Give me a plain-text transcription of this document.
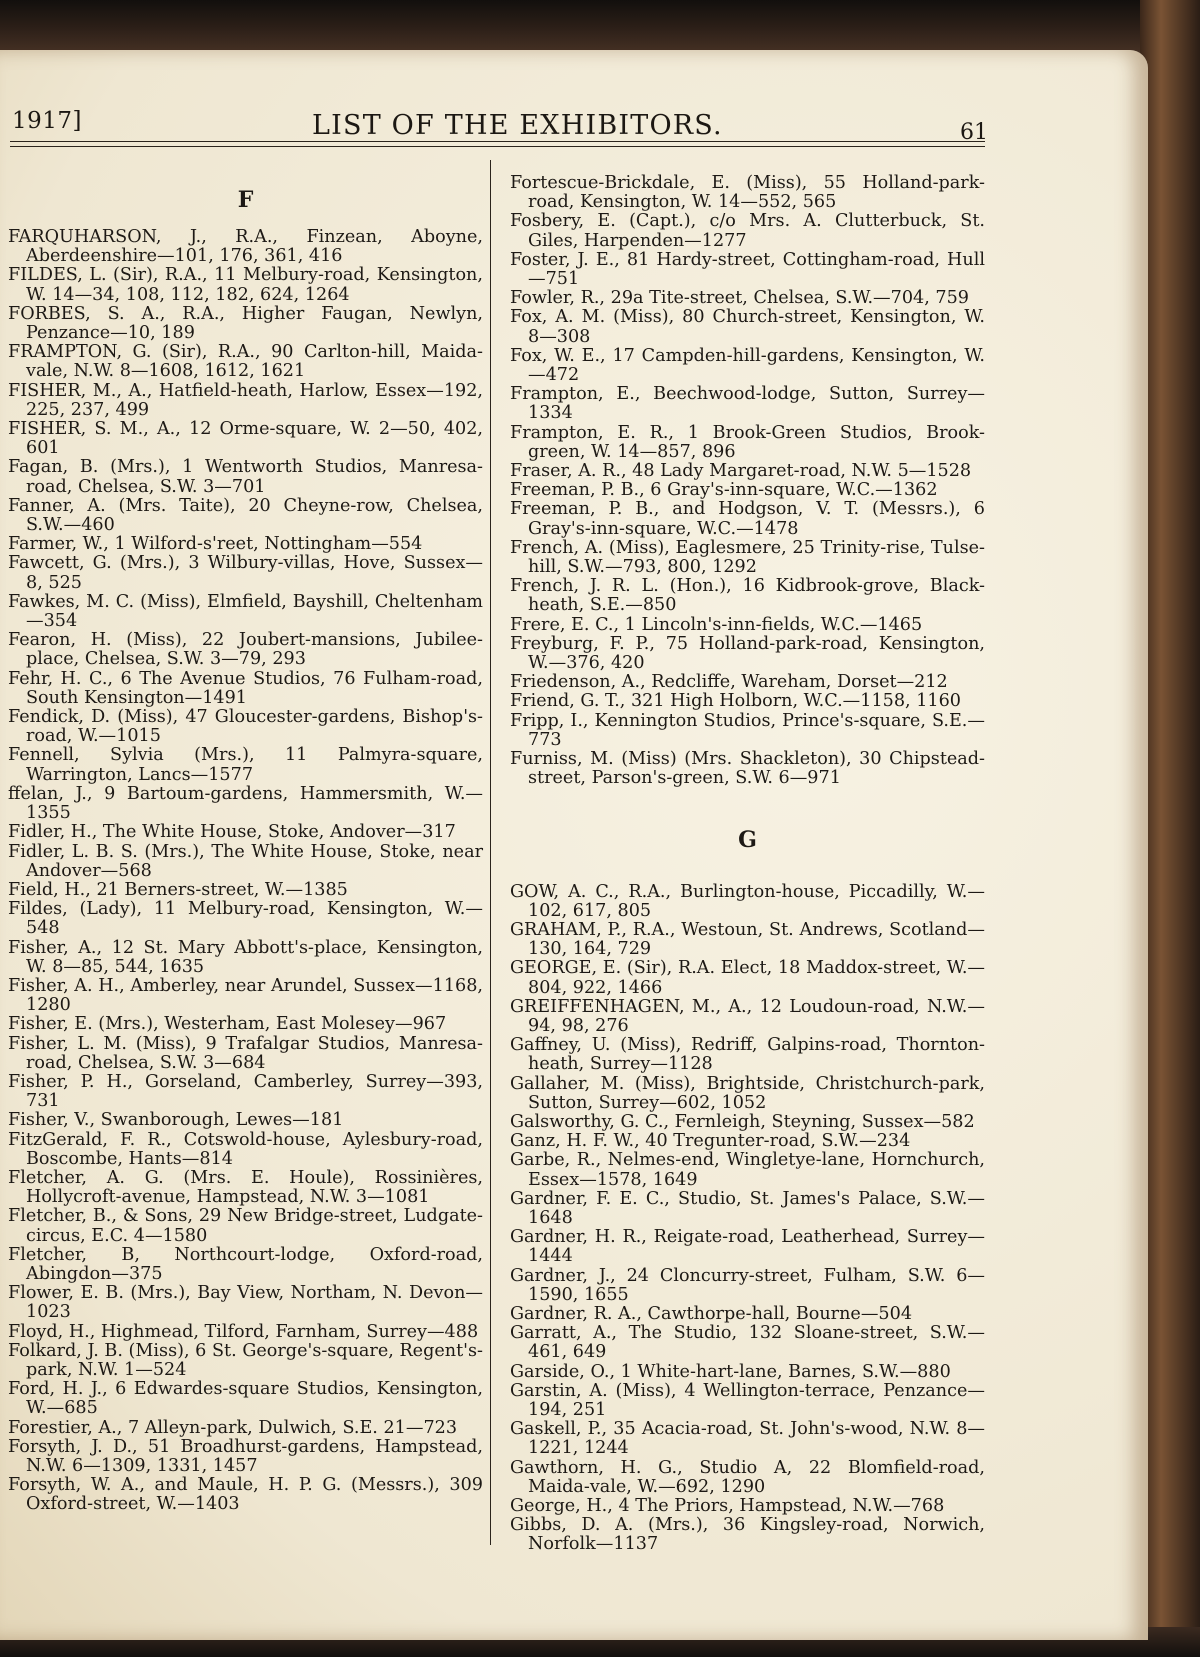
1917]	LIST OF THE EXHIBITORS.	61
F

FARQUHARSON, J., R.A., Finzean, Aboyne, Aberdeenshire—101, 176, 361, 416

FILDES, L. (Sir), R.A., 11 Melbury-road, Kensington, W. 14—34, 108, 112, 182, 624, 1264

FORBES, S. A., R.A., Higher Faugan, Newlyn, Penzance—10, 189

FRAMPTON, G. (Sir), R.A., 90 Carlton-hill, Maida-vale, N.W. 8—1608, 1612, 1621

FISHER, M., A., Hatfield-heath, Harlow, Essex—192, 225, 237, 499

FISHER, S. M., A., 12 Orme-square, W. 2—50, 402, 601

Fagan, B. (Mrs.), 1 Wentworth Studios, Manresa-road, Chelsea, S.W. 3—701

Fanner, A. (Mrs. Taite), 20 Cheyne-row, Chelsea, S.W.—460

Farmer, W., 1 Wilford-s'reet, Nottingham—554

Fawcett, G. (Mrs.), 3 Wilbury-villas, Hove, Sussex—8, 525

Fawkes, M. C. (Miss), Elmfield, Bayshill, Cheltenham—354

Fearon, H. (Miss), 22 Joubert-mansions, Jubilee-place, Chelsea, S.W. 3—79, 293

Fehr, H. C., 6 The Avenue Studios, 76 Fulham-road, South Kensington—1491

Fendick, D. (Miss), 47 Gloucester-gardens, Bishop's-road, W.—1015

Fennell, Sylvia (Mrs.), 11 Palmyra-square, Warrington, Lancs—1577

ffelan, J., 9 Bartoum-gardens, Hammersmith, W.—1355

Fidler, H., The White House, Stoke, Andover—317

Fidler, L. B. S. (Mrs.), The White House, Stoke, near Andover—568

Field, H., 21 Berners-street, W.—1385

Fildes, (Lady), 11 Melbury-road, Kensington, W.—548

Fisher, A., 12 St. Mary Abbott's-place, Kensington, W. 8—85, 544, 1635

Fisher, A. H., Amberley, near Arundel, Sussex—1168, 1280

Fisher, E. (Mrs.), Westerham, East Molesey—967

Fisher, L. M. (Miss), 9 Trafalgar Studios, Manresa-road, Chelsea, S.W. 3—684

Fisher, P. H., Gorseland, Camberley, Surrey—393, 731

Fisher, V., Swanborough, Lewes—181

FitzGerald, F. R., Cotswold-house, Aylesbury-road, Boscombe, Hants—814

Fletcher, A. G. (Mrs. E. Houle), Rossinières, Hollycroft-avenue, Hampstead, N.W. 3—1081

Fletcher, B., & Sons, 29 New Bridge-street, Ludgate-circus, E.C. 4—1580

Fletcher, B, Northcourt-lodge, Oxford-road, Abingdon—375

Flower, E. B. (Mrs.), Bay View, Northam, N. Devon—1023

Floyd, H., Highmead, Tilford, Farnham, Surrey—488

Folkard, J. B. (Miss), 6 St. George's-square, Regent's-park, N.W. 1—524

Ford, H. J., 6 Edwardes-square Studios, Kensington, W.—685

Forestier, A., 7 Alleyn-park, Dulwich, S.E. 21—723

Forsyth, J. D., 51 Broadhurst-gardens, Hampstead, N.W. 6—1309, 1331, 1457

Forsyth, W. A., and Maule, H. P. G. (Messrs.), 309 Oxford-street, W.—1403

Fortescue-Brickdale, E. (Miss), 55 Holland-park-road, Kensington, W. 14—552, 565

Fosbery, E. (Capt.), c/o Mrs. A. Clutterbuck, St. Giles, Harpenden—1277

Foster, J. E., 81 Hardy-street, Cottingham-road, Hull—751

Fowler, R., 29a Tite-street, Chelsea, S.W.—704, 759

Fox, A. M. (Miss), 80 Church-street, Kensington, W. 8—308

Fox, W. E., 17 Campden-hill-gardens, Kensington, W.—472

Frampton, E., Beechwood-lodge, Sutton, Surrey—1334

Frampton, E. R., 1 Brook-Green Studios, Brook-green, W. 14—857, 896

Fraser, A. R., 48 Lady Margaret-road, N.W. 5—1528

Freeman, P. B., 6 Gray's-inn-square, W.C.—1362

Freeman, P. B., and Hodgson, V. T. (Messrs.), 6 Gray's-inn-square, W.C.—1478

French, A. (Miss), Eaglesmere, 25 Trinity-rise, Tulse-hill, S.W.—793, 800, 1292

French, J. R. L. (Hon.), 16 Kidbrook-grove, Black-heath, S.E.—850

Frere, E. C., 1 Lincoln's-inn-fields, W.C.—1465

Freyburg, F. P., 75 Holland-park-road, Kensington, W.—376, 420

Friedenson, A., Redcliffe, Wareham, Dorset—212

Friend, G. T., 321 High Holborn, W.C.—1158, 1160

Fripp, I., Kennington Studios, Prince's-square, S.E.—773

Furniss, M. (Miss) (Mrs. Shackleton), 30 Chipstead-street, Parson's-green, S.W. 6—971

G

GOW, A. C., R.A., Burlington-house, Piccadilly, W.—102, 617, 805

GRAHAM, P., R.A., Westoun, St. Andrews, Scotland—130, 164, 729

GEORGE, E. (Sir), R.A. Elect, 18 Maddox-street, W.—804, 922, 1466

GREIFFENHAGEN, M., A., 12 Loudoun-road, N.W.—94, 98, 276

Gaffney, U. (Miss), Redriff, Galpins-road, Thornton-heath, Surrey—1128

Gallaher, M. (Miss), Brightside, Christchurch-park, Sutton, Surrey—602, 1052

Galsworthy, G. C., Fernleigh, Steyning, Sussex—582

Ganz, H. F. W., 40 Tregunter-road, S.W.—234

Garbe, R., Nelmes-end, Wingletye-lane, Hornchurch, Essex—1578, 1649

Gardner, F. E. C., Studio, St. James's Palace, S.W.—1648

Gardner, H. R., Reigate-road, Leatherhead, Surrey—1444

Gardner, J., 24 Cloncurry-street, Fulham, S.W. 6—1590, 1655

Gardner, R. A., Cawthorpe-hall, Bourne—504

Garratt, A., The Studio, 132 Sloane-street, S.W.—461, 649

Garside, O., 1 White-hart-lane, Barnes, S.W.—880

Garstin, A. (Miss), 4 Wellington-terrace, Penzance—194, 251

Gaskell, P., 35 Acacia-road, St. John's-wood, N.W. 8—1221, 1244

Gawthorn, H. G., Studio A, 22 Blomfield-road, Maida-vale, W.—692, 1290

George, H., 4 The Priors, Hampstead, N.W.—768

Gibbs, D. A. (Mrs.), 36 Kingsley-road, Norwich, Norfolk—1137
